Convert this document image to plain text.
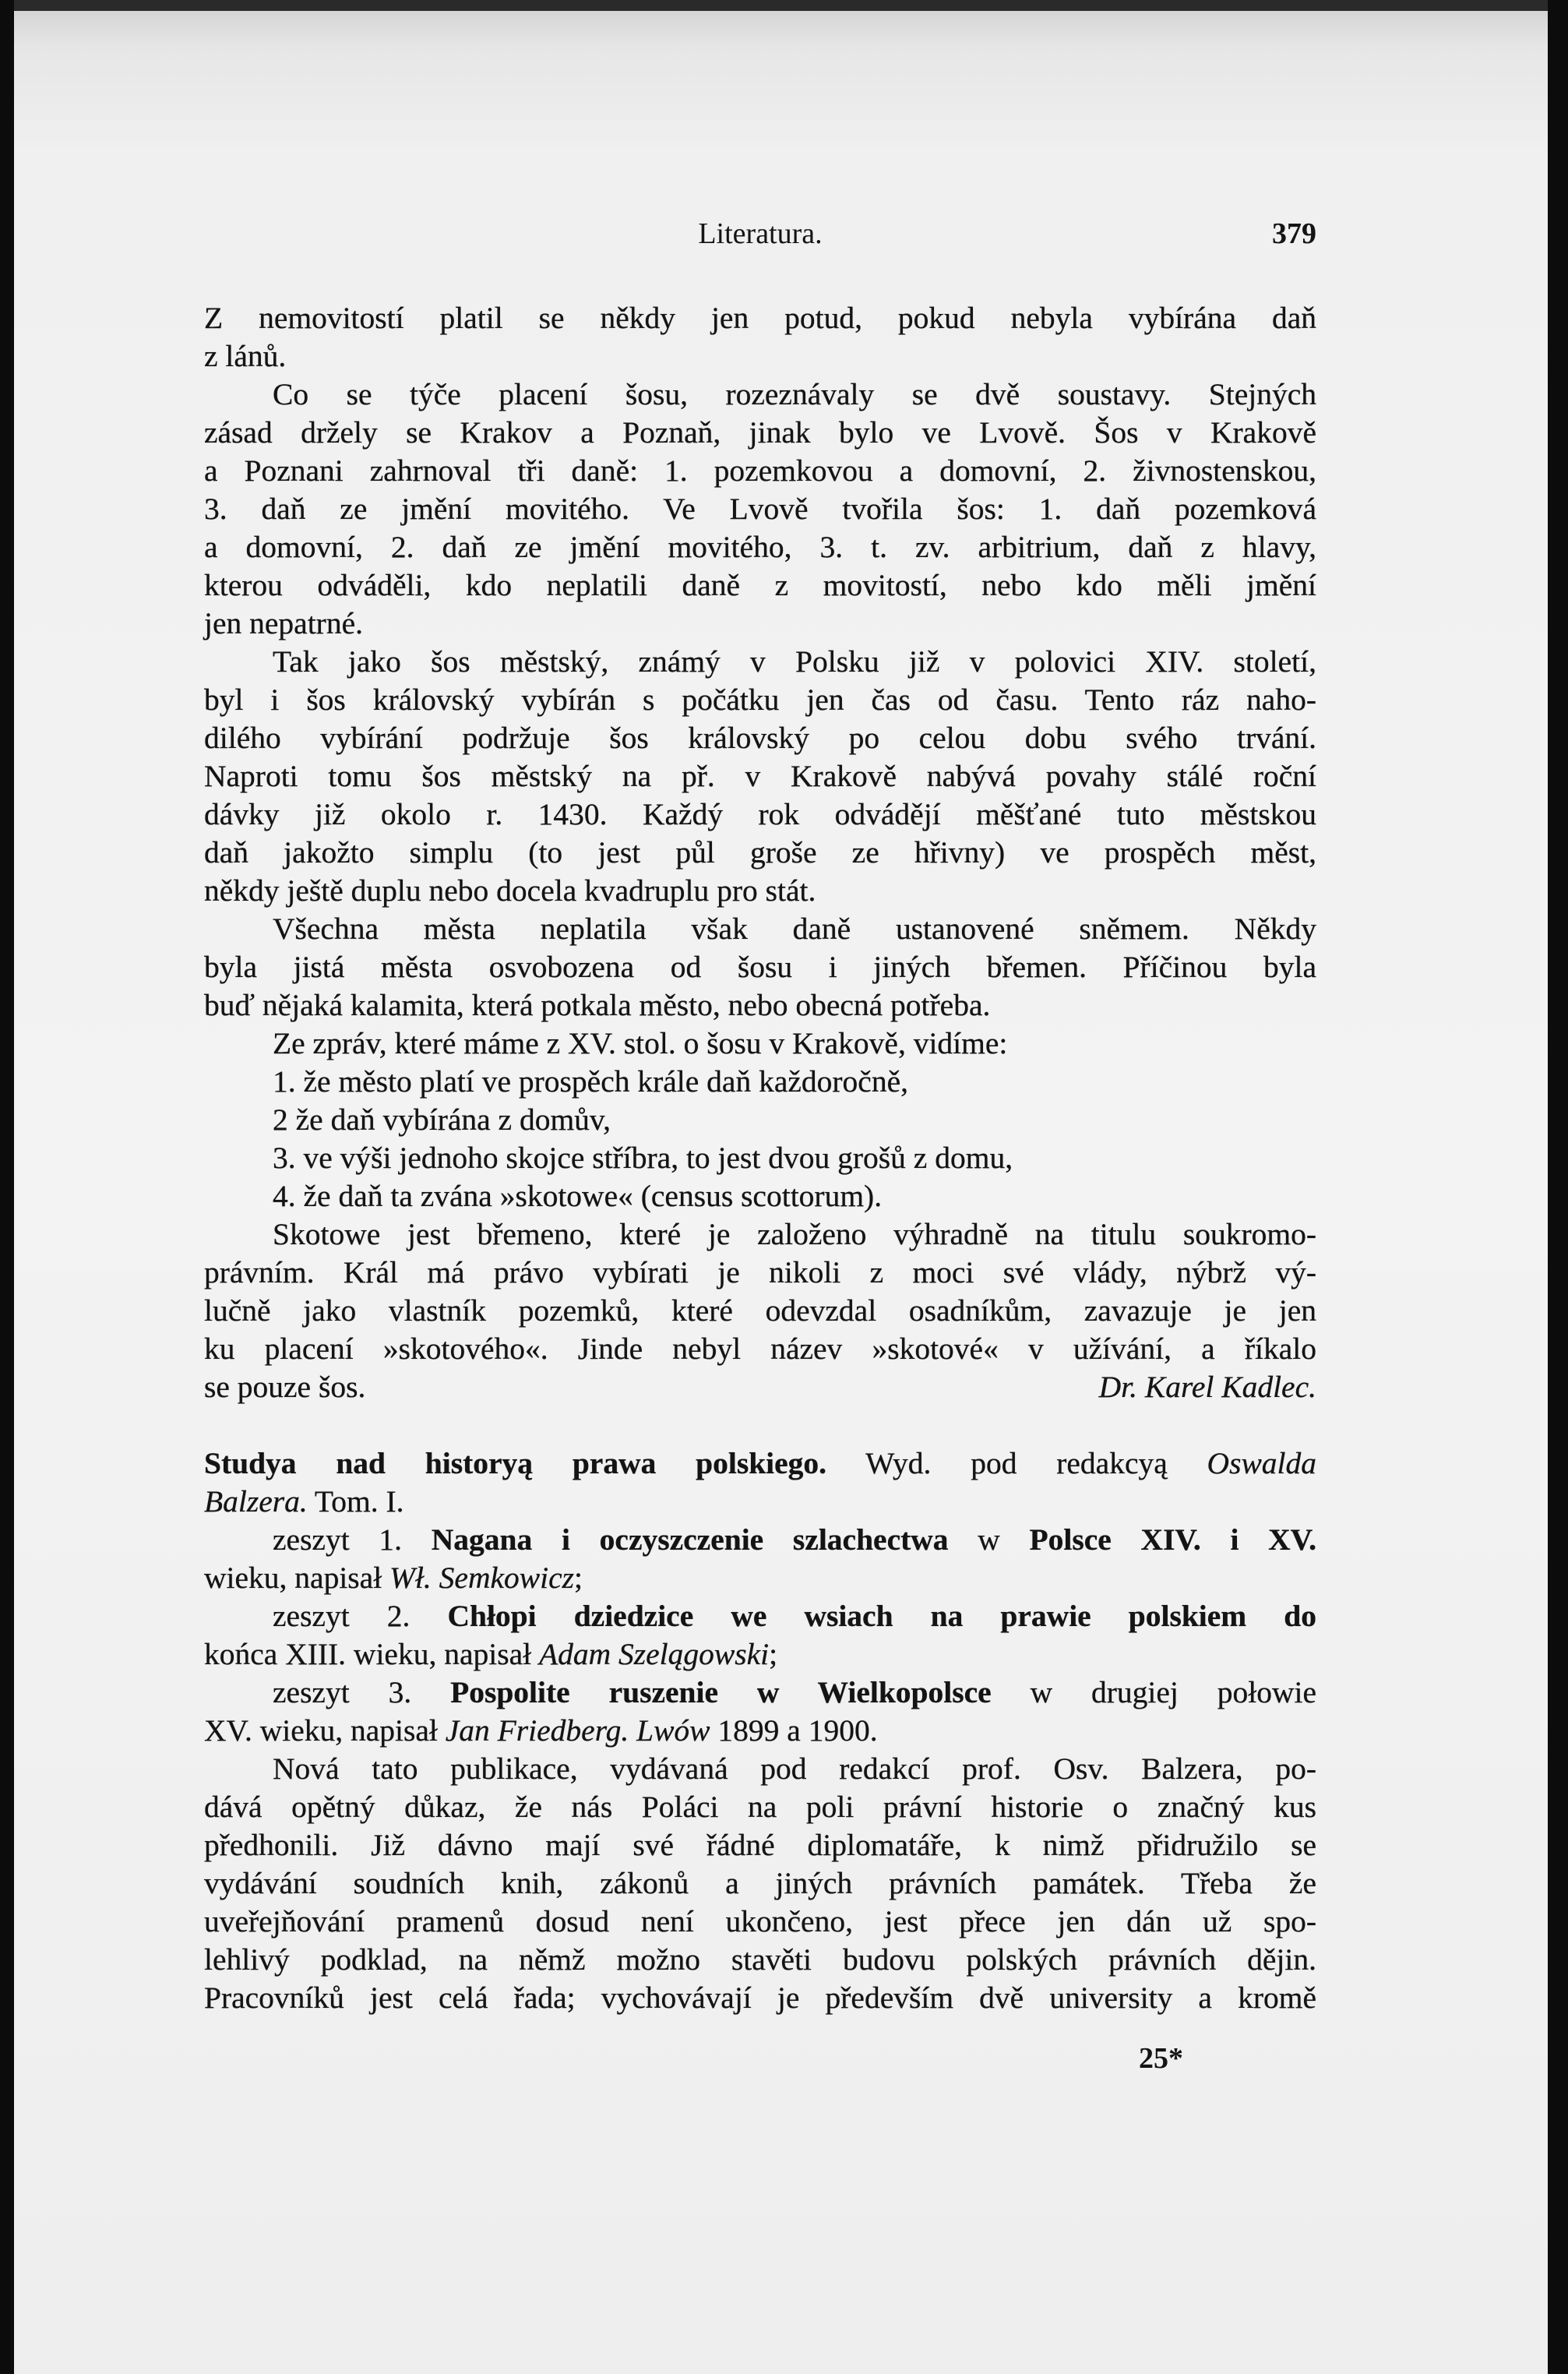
Literatura.	379
Z nemovitostí platil se někdy jen potud, pokud nebyla vybírána daň
z lánů.
Co se týče placení šosu, rozeznávaly se dvě soustavy. Stejných
zásad držely se Krakov a Poznaň, jinak bylo ve Lvově. Šos v Krakově
a Poznani zahrnoval tři daně: 1. pozemkovou a domovní, 2. živnostenskou,
3. daň ze jmění movitého. Ve Lvově tvořila šos: 1. daň pozemková
a domovní, 2. daň ze jmění movitého, 3. t. zv. arbitrium, daň z hlavy,
kterou odváděli, kdo neplatili daně z movitostí, nebo kdo měli jmění
jen nepatrné.
Tak jako šos městský, známý v Polsku již v polovici XIV. století,
byl i šos královský vybírán s počátku jen čas od času. Tento ráz naho-
dilého vybírání podržuje šos královský po celou dobu svého trvání.
Naproti tomu šos městský na př. v Krakově nabývá povahy stálé roční
dávky již okolo r. 1430. Každý rok odvádějí měšťané tuto městskou
daň jakožto simplu (to jest půl groše ze hřivny) ve prospěch měst,
někdy ještě duplu nebo docela kvadruplu pro stát.
Všechna města neplatila však daně ustanovené sněmem. Někdy
byla jistá města osvobozena od šosu i jiných břemen. Příčinou byla
buď nějaká kalamita, která potkala město, nebo obecná potřeba.
Ze zpráv, které máme z XV. stol. o šosu v Krakově, vidíme:
1. že město platí ve prospěch krále daň každoročně,
2 že daň vybírána z domův,
3. ve výši jednoho skojce stříbra, to jest dvou grošů z domu,
4. že daň ta zvána »skotowe« (census scottorum).
Skotowe jest břemeno, které je založeno výhradně na titulu soukromo-
právním. Král má právo vybírati je nikoli z moci své vlády, nýbrž vý-
lučně jako vlastník pozemků, které odevzdal osadníkům, zavazuje je jen
ku placení »skotového«. Jinde nebyl název »skotové« v užívání, a říkalo
se pouze šos.	Dr. Karel Kadlec.
Studya nad historyą prawa polskiego. Wyd. pod redakcyą Oswalda
Balzera. Tom. I.
zeszyt 1. Nagana i oczyszczenie szlachectwa w Polsce XIV. i XV.
wieku, napisał Wł. Semkowicz;
zeszyt 2. Chłopi dziedzice we wsiach na prawie polskiem do
końca XIII. wieku, napisał Adam Szelągowski;
zeszyt 3. Pospolite ruszenie w Wielkopolsce w drugiej połowie
XV. wieku, napisał Jan Friedberg. Lwów 1899 a 1900.
Nová tato publikace, vydávaná pod redakcí prof. Osv. Balzera, po-
dává opětný důkaz, že nás Poláci na poli právní historie o značný kus
předhonili. Již dávno mají své řádné diplomatáře, k nimž přidružilo se
vydávání soudních knih, zákonů a jiných právních památek. Třeba že
uveřejňování pramenů dosud není ukončeno, jest přece jen dán už spo-
lehlivý podklad, na němž možno stavěti budovu polských právních dějin.
Pracovníků jest celá řada; vychovávají je především dvě university a kromě
25*
